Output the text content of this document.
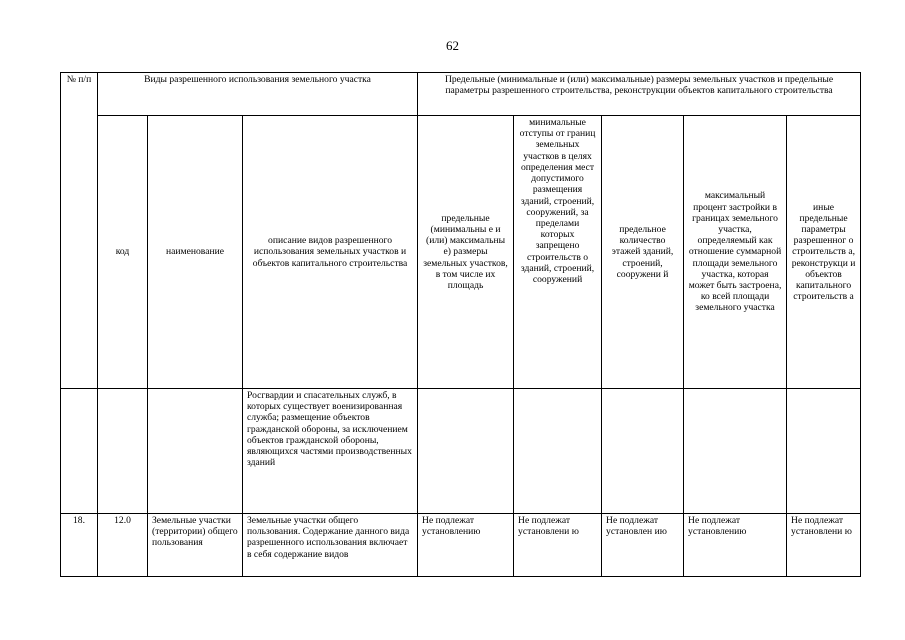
62
№ п/п	Виды разрешенного использования земельного участка			Предельные (минимальные и (или) максимальные) размеры земельных участков и предельные параметры разрешенного строительства, реконструкции объектов капитального строительства				
	код	наименование	описание видов разрешенного использования земельных участков и объектов капитального строительства	предельные (минимальны е и (или) максимальны е) размеры земельных участков, в том числе их площадь	минимальные отступы от границ земельных участков в целях определения мест допустимого размещения зданий, строений, сооружений, за пределами которых запрещено строительств о зданий, строений, сооружений	предельное количество этажей зданий, строений, сооружени й	максимальный процент застройки в границах земельного участка, определяемый как отношение суммарной площади земельного участка, которая может быть застроена, ко всей площади земельного участка	иные предельные параметры разрешенног о строительств а, реконструкци и объектов капитального строительств а
			Росгвардии и спасательных служб, в которых существует военизированная служба; размещение объектов гражданской обороны, за исключением объектов гражданской обороны, являющихся частями производственных зданий					
18.	12.0	Земельные участки (территории) общего пользования	Земельные участки общего пользования. Содержание данного вида разрешенного использования включает в себя содержание видов	Не подлежат установлению	Не подлежат установлени ю	Не подлежат установлен ию	Не подлежат установлению	Не подлежат установлени ю
